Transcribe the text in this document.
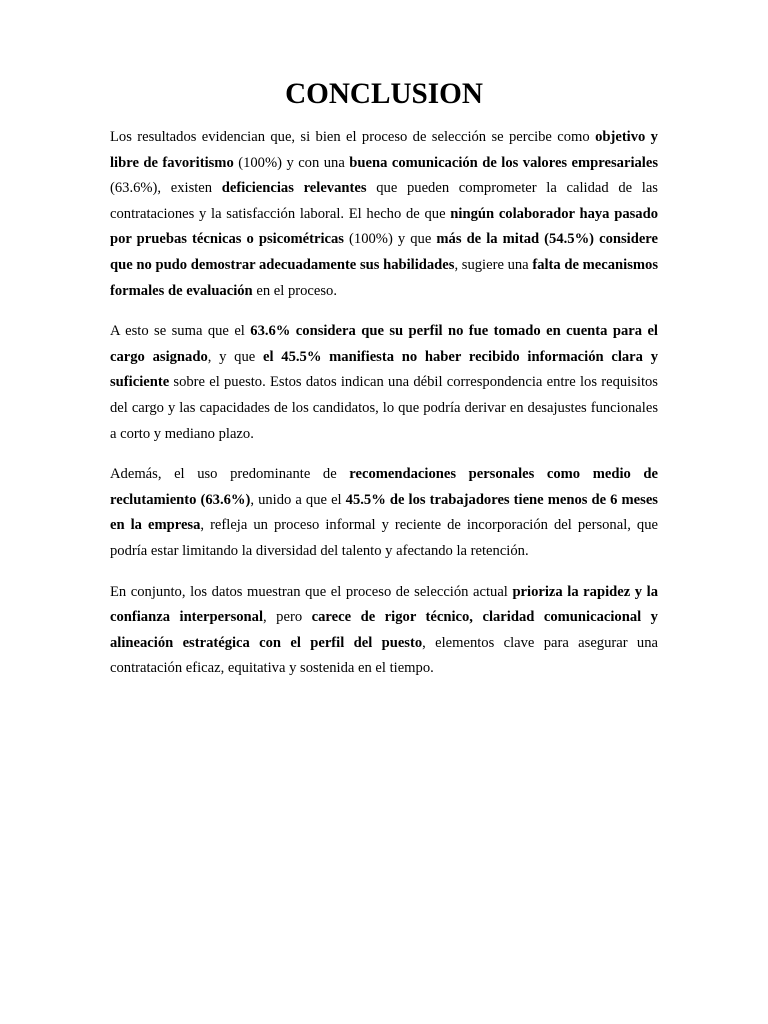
CONCLUSION

Los resultados evidencian que, si bien el proceso de selección se percibe como objetivo y libre de favoritismo (100%) y con una buena comunicación de los valores empresariales (63.6%), existen deficiencias relevantes que pueden comprometer la calidad de las contrataciones y la satisfacción laboral. El hecho de que ningún colaborador haya pasado por pruebas técnicas o psicométricas (100%) y que más de la mitad (54.5%) considere que no pudo demostrar adecuadamente sus habilidades, sugiere una falta de mecanismos formales de evaluación en el proceso.

A esto se suma que el 63.6% considera que su perfil no fue tomado en cuenta para el cargo asignado, y que el 45.5% manifiesta no haber recibido información clara y suficiente sobre el puesto. Estos datos indican una débil correspondencia entre los requisitos del cargo y las capacidades de los candidatos, lo que podría derivar en desajustes funcionales a corto y mediano plazo.

Además, el uso predominante de recomendaciones personales como medio de reclutamiento (63.6%), unido a que el 45.5% de los trabajadores tiene menos de 6 meses en la empresa, refleja un proceso informal y reciente de incorporación del personal, que podría estar limitando la diversidad del talento y afectando la retención.

En conjunto, los datos muestran que el proceso de selección actual prioriza la rapidez y la confianza interpersonal, pero carece de rigor técnico, claridad comunicacional y alineación estratégica con el perfil del puesto, elementos clave para asegurar una contratación eficaz, equitativa y sostenida en el tiempo.
